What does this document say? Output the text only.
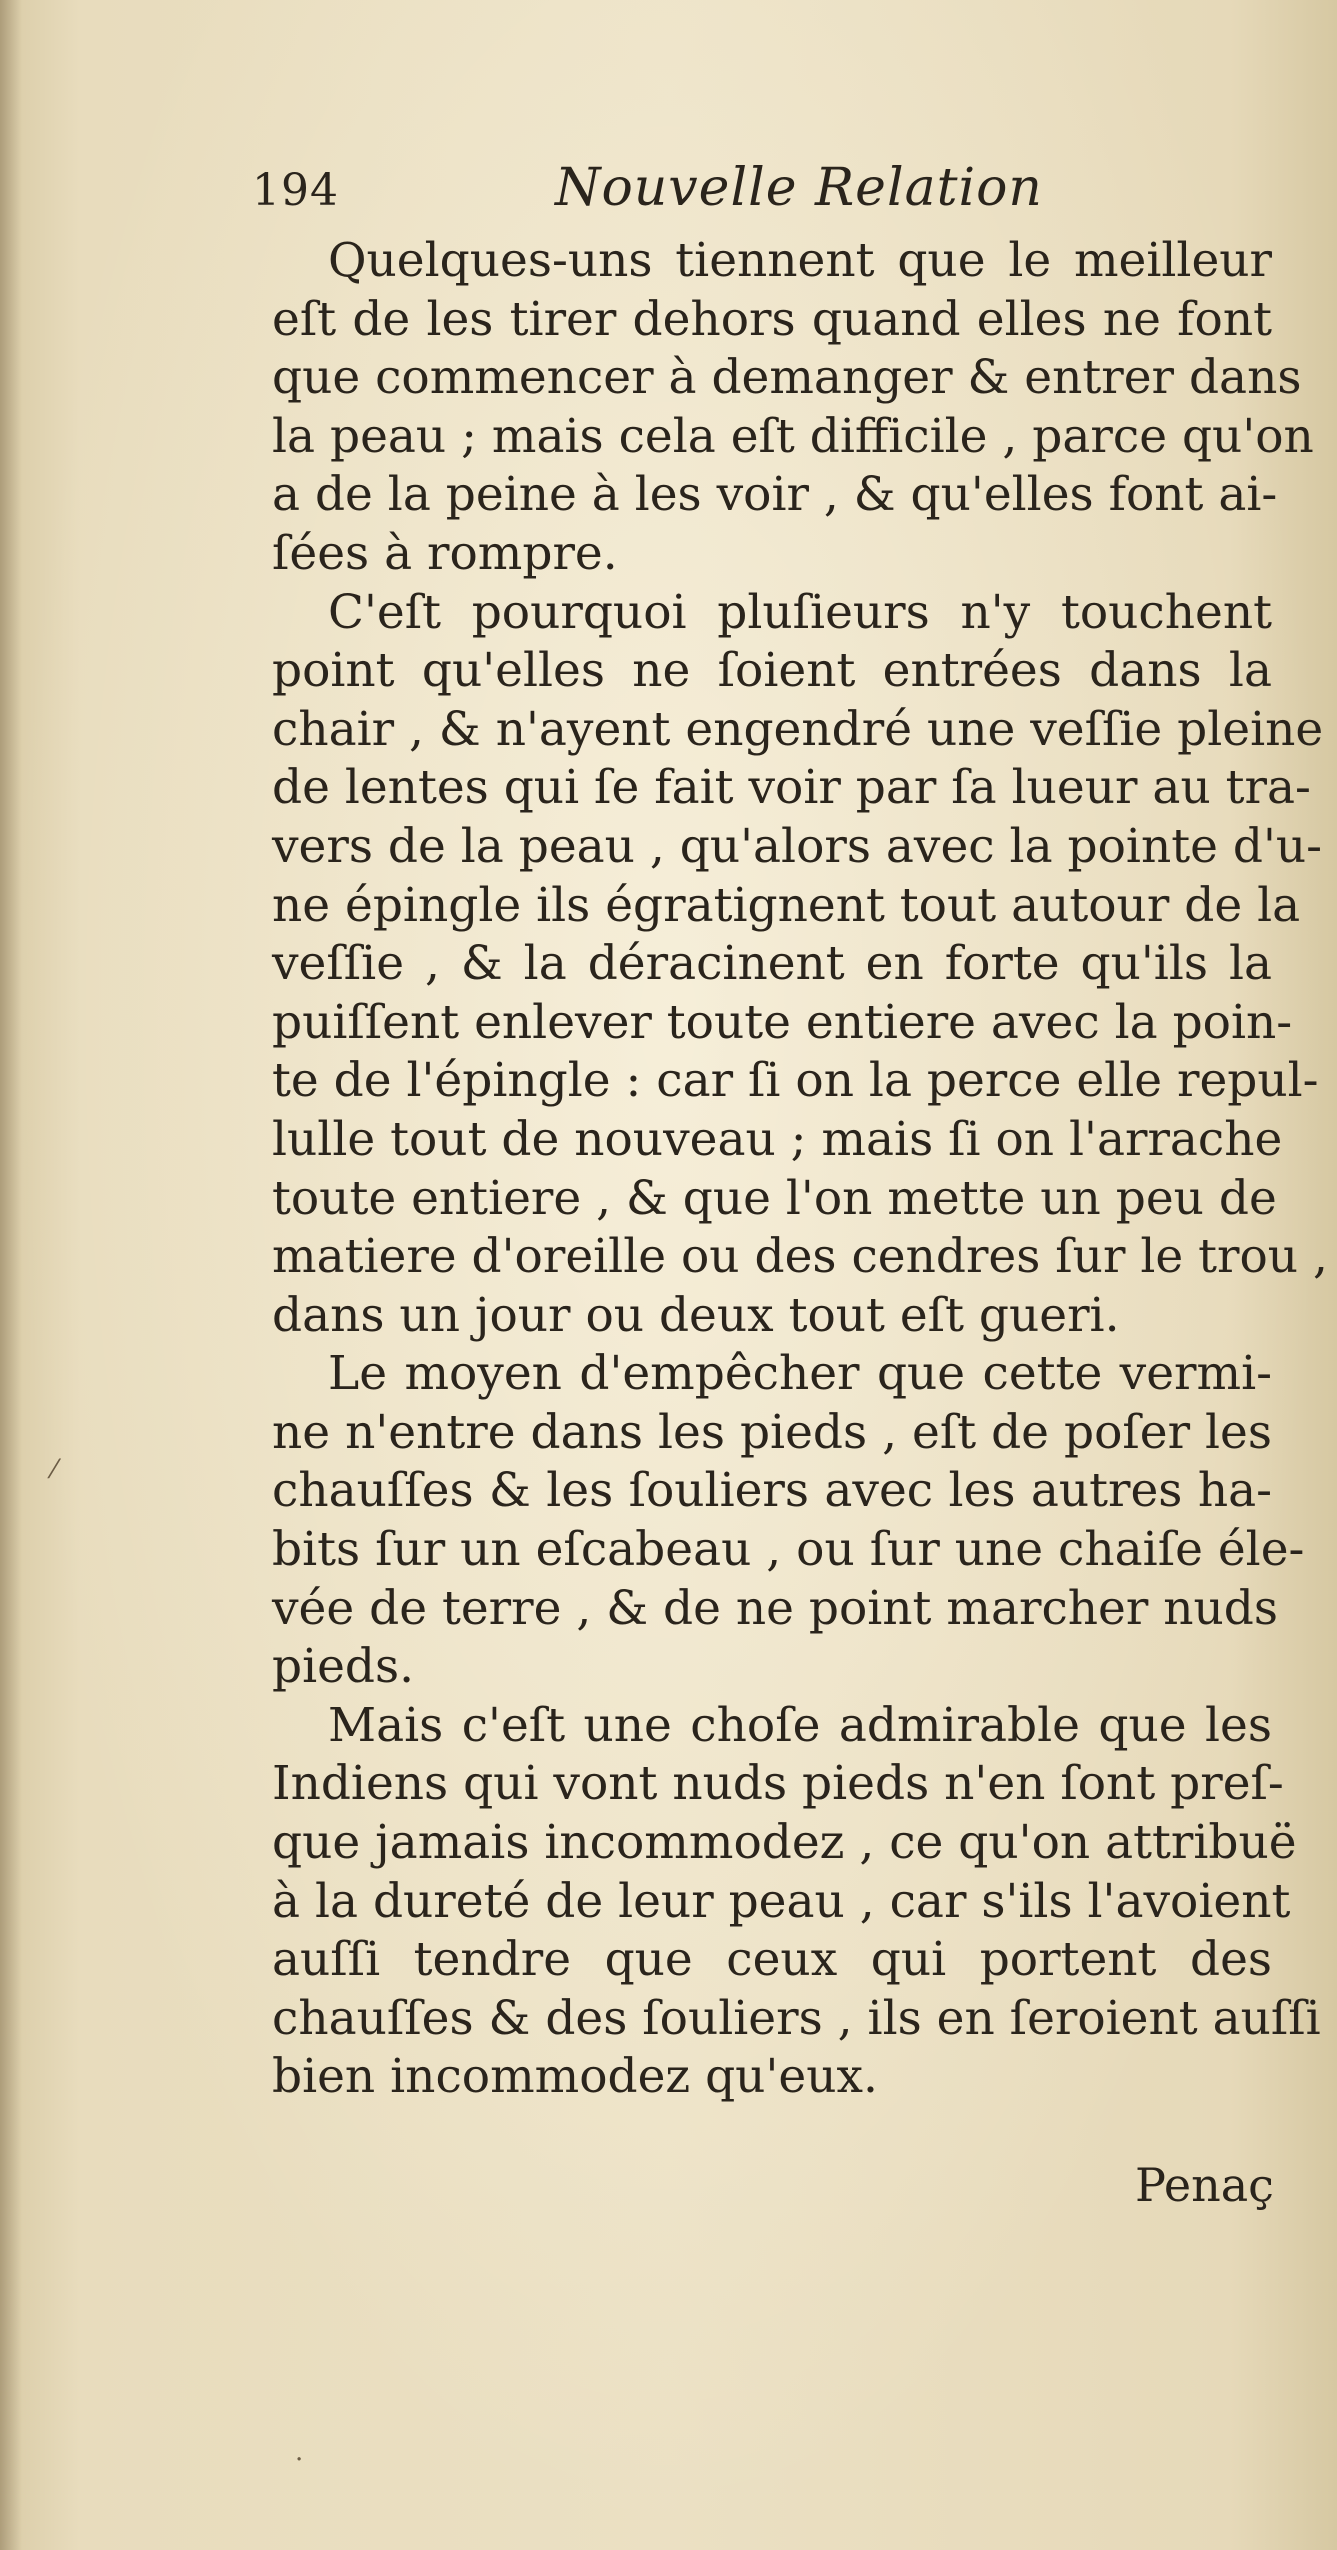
194	Nouvelle Relation
Quelques-uns tiennent que le meilleur
eſt de les tirer dehors quand elles ne font
que commencer à demanger & entrer dans
la peau ; mais cela eſt difficile , parce qu'on
a de la peine à les voir , & qu'elles font ai-
ſées à rompre.
C'eſt pourquoi pluſieurs n'y touchent
point qu'elles ne ſoient entrées dans la
chair , & n'ayent engendré une veſſie pleine
de lentes qui ſe fait voir par ſa lueur au tra-
vers de la peau , qu'alors avec la pointe d'u-
ne épingle ils égratignent tout autour de la
veſſie , & la déracinent en forte qu'ils la
puiſſent enlever toute entiere avec la poin-
te de l'épingle : car ſi on la perce elle repul-
lulle tout de nouveau ; mais ſi on l'arrache
toute entiere , & que l'on mette un peu de
matiere d'oreille ou des cendres ſur le trou ,
dans un jour ou deux tout eſt gueri.
Le moyen d'empêcher que cette vermi-
ne n'entre dans les pieds , eſt de poſer les
chauſſes & les ſouliers avec les autres ha-
bits ſur un eſcabeau , ou ſur une chaiſe éle-
vée de terre , & de ne point marcher nuds
pieds.
Mais c'eſt une choſe admirable que les
Indiens qui vont nuds pieds n'en ſont preſ-
que jamais incommodez , ce qu'on attribuë
à la dureté de leur peau , car s'ils l'avoient
auſſi tendre que ceux qui portent des
chauſſes & des ſouliers , ils en ſeroient auſſi
bien incommodez qu'eux.
Penaç
⁄
·
